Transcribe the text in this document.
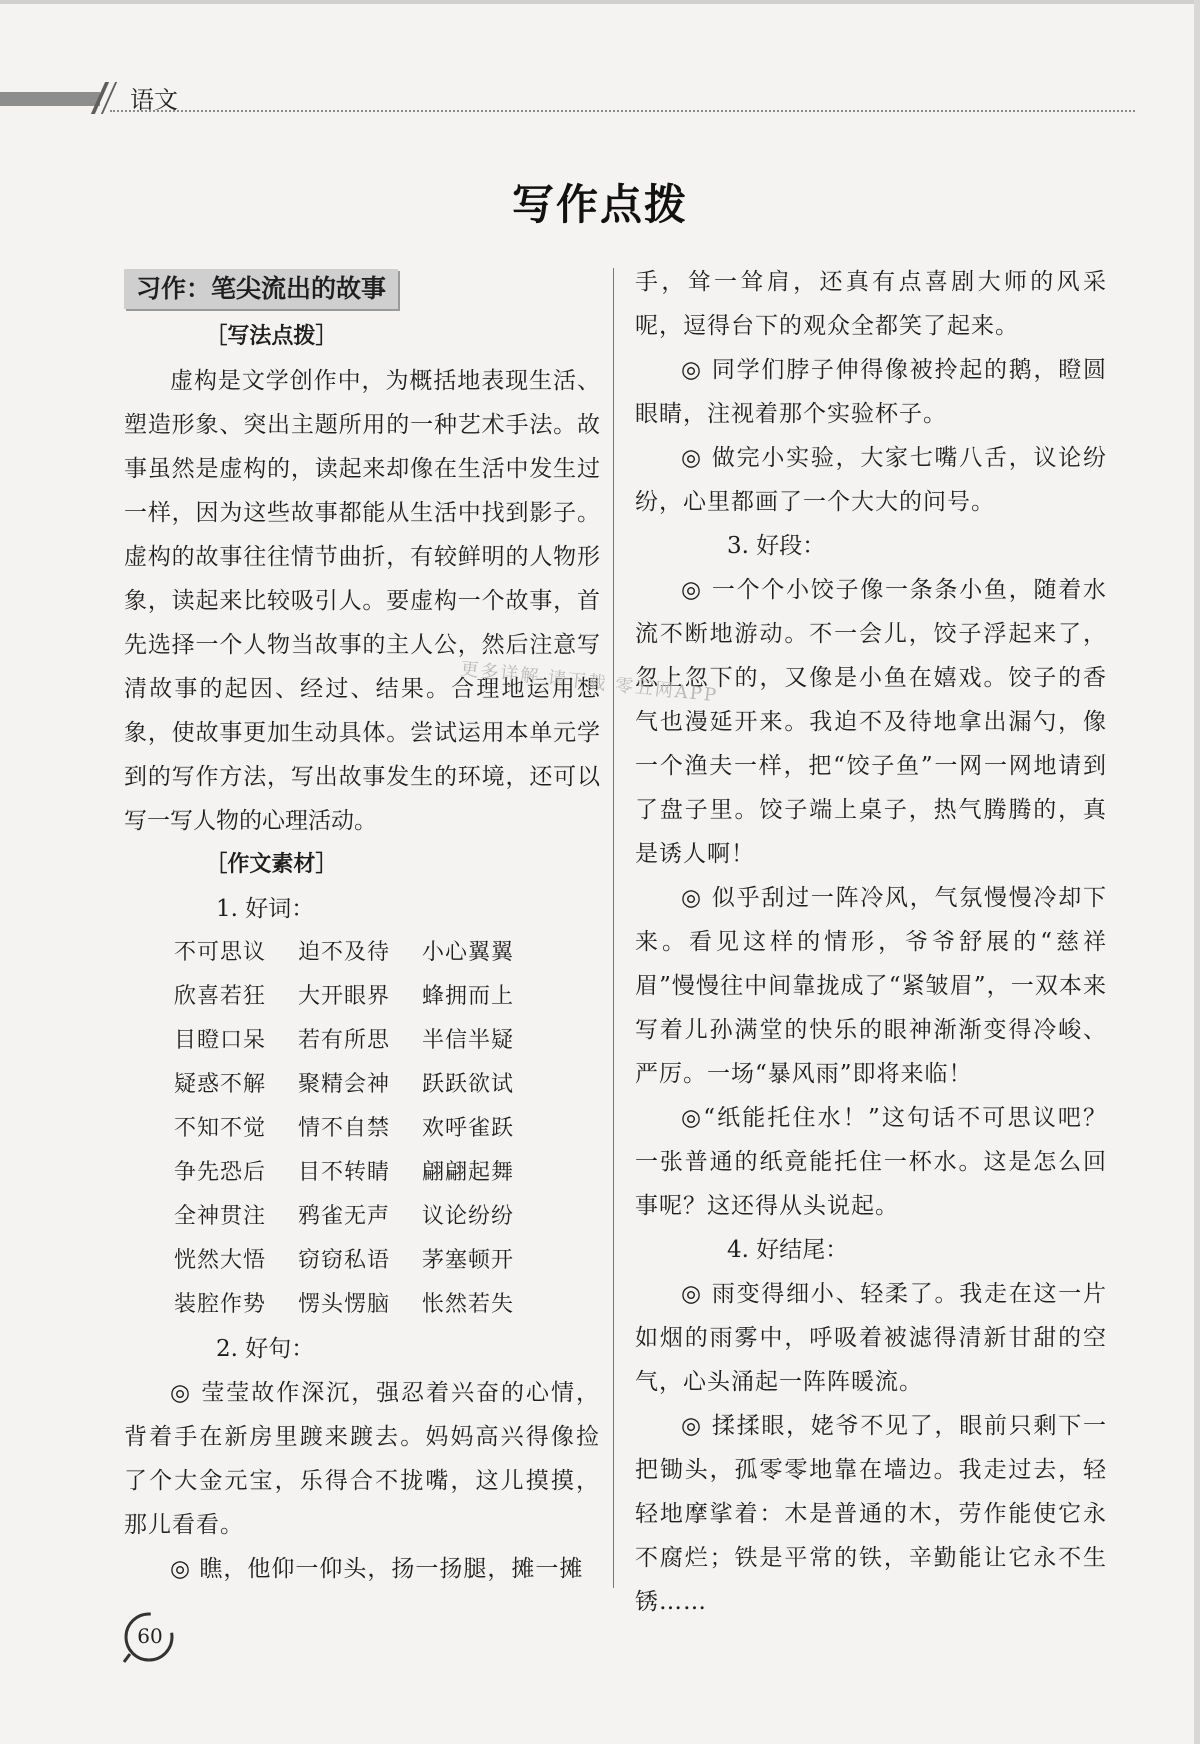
语文
写作点拨
习作：笔尖流出的故事

［写法点拨］

虚构是文学创作中，为概括地表现生活、塑造形象、突出主题所用的一种艺术手法。故事虽然是虚构的，读起来却像在生活中发生过一样，因为这些故事都能从生活中找到影子。虚构的故事往往情节曲折，有较鲜明的人物形象，读起来比较吸引人。要虚构一个故事，首先选择一个人物当故事的主人公，然后注意写清故事的起因、经过、结果。合理地运用想象，使故事更加生动具体。尝试运用本单元学到的写作方法，写出故事发生的环境，还可以写一写人物的心理活动。

［作文素材］

1. 好词：

不可思议	迫不及待	小心翼翼
欣喜若狂	大开眼界	蜂拥而上
目瞪口呆	若有所思	半信半疑
疑惑不解	聚精会神	跃跃欲试
不知不觉	情不自禁	欢呼雀跃
争先恐后	目不转睛	翩翩起舞
全神贯注	鸦雀无声	议论纷纷
恍然大悟	窃窃私语	茅塞顿开
装腔作势	愣头愣脑	怅然若失

2. 好句：

◎ 莹莹故作深沉，强忍着兴奋的心情，背着手在新房里踱来踱去。妈妈高兴得像捡了个大金元宝，乐得合不拢嘴，这儿摸摸，那儿看看。

◎ 瞧，他仰一仰头，扬一扬腿，摊一摊

手，耸一耸肩，还真有点喜剧大师的风采呢，逗得台下的观众全都笑了起来。

◎ 同学们脖子伸得像被拎起的鹅，瞪圆眼睛，注视着那个实验杯子。

◎ 做完小实验，大家七嘴八舌，议论纷纷，心里都画了一个大大的问号。

3. 好段：

◎ 一个个小饺子像一条条小鱼，随着水流不断地游动。不一会儿，饺子浮起来了，忽上忽下的，又像是小鱼在嬉戏。饺子的香气也漫延开来。我迫不及待地拿出漏勺，像一个渔夫一样，把“饺子鱼”一网一网地请到了盘子里。饺子端上桌子，热气腾腾的，真是诱人啊！

◎ 似乎刮过一阵冷风，气氛慢慢冷却下来。看见这样的情形，爷爷舒展的“慈祥眉”慢慢往中间靠拢成了“紧皱眉”，一双本来写着儿孙满堂的快乐的眼神渐渐变得冷峻、严厉。一场“暴风雨”即将来临！

◎“纸能托住水！”这句话不可思议吧？一张普通的纸竟能托住一杯水。这是怎么回事呢？这还得从头说起。

4. 好结尾：

◎ 雨变得细小、轻柔了。我走在这一片如烟的雨雾中，呼吸着被滤得清新甘甜的空气，心头涌起一阵阵暖流。

◎ 揉揉眼，姥爷不见了，眼前只剩下一把锄头，孤零零地靠在墙边。我走过去，轻轻地摩挲着：木是普通的木，劳作能使它永不腐烂；铁是平常的铁，辛勤能让它永不生锈……

更多详解 请下载 零五网APP
60
